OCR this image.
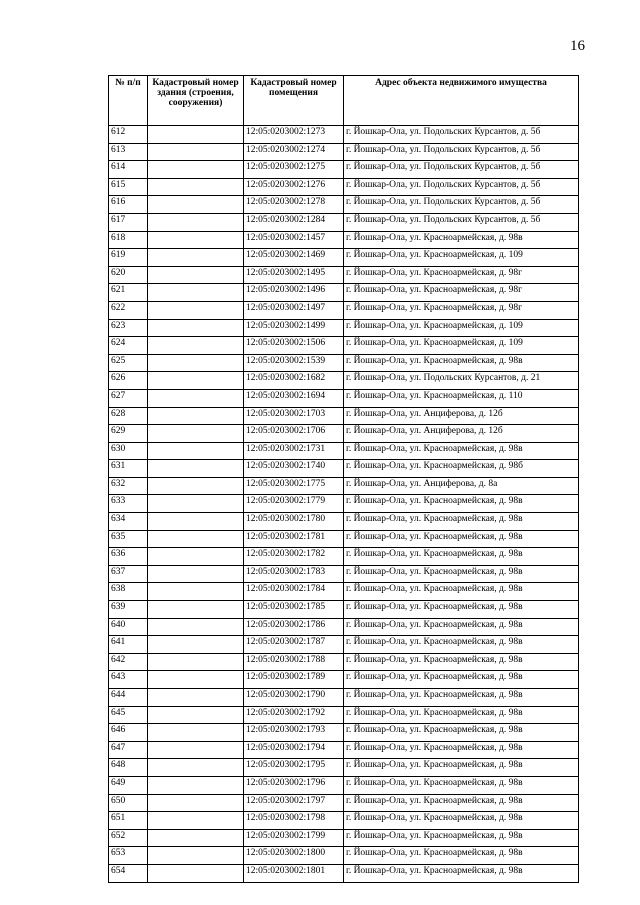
16
№ п/п	Кадастровый номер здания (строения, сооружения)	Кадастровый номер помещения	Адрес объекта недвижимого имущества
612		12:05:0203002:1273	г. Йошкар-Ола, ул. Подольских Курсантов, д. 5б
613		12:05:0203002:1274	г. Йошкар-Ола, ул. Подольских Курсантов, д. 5б
614		12:05:0203002:1275	г. Йошкар-Ола, ул. Подольских Курсантов, д. 5б
615		12:05:0203002:1276	г. Йошкар-Ола, ул. Подольских Курсантов, д. 5б
616		12:05:0203002:1278	г. Йошкар-Ола, ул. Подольских Курсантов, д. 5б
617		12:05:0203002:1284	г. Йошкар-Ола, ул. Подольских Курсантов, д. 5б
618		12:05:0203002:1457	г. Йошкар-Ола, ул. Красноармейская, д. 98в
619		12:05:0203002:1469	г. Йошкар-Ола, ул. Красноармейская, д. 109
620		12:05:0203002:1495	г. Йошкар-Ола, ул. Красноармейская, д. 98г
621		12:05:0203002:1496	г. Йошкар-Ола, ул. Красноармейская, д. 98г
622		12:05:0203002:1497	г. Йошкар-Ола, ул. Красноармейская, д. 98г
623		12:05:0203002:1499	г. Йошкар-Ола, ул. Красноармейская, д. 109
624		12:05:0203002:1506	г. Йошкар-Ола, ул. Красноармейская, д. 109
625		12:05:0203002:1539	г. Йошкар-Ола, ул. Красноармейская, д. 98в
626		12:05:0203002:1682	г. Йошкар-Ола, ул. Подольских Курсантов, д. 21
627		12:05:0203002:1694	г. Йошкар-Ола, ул. Красноармейская, д. 110
628		12:05:0203002:1703	г. Йошкар-Ола, ул. Анциферова, д. 12б
629		12:05:0203002:1706	г. Йошкар-Ола, ул. Анциферова, д. 12б
630		12:05:0203002:1731	г. Йошкар-Ола, ул. Красноармейская, д. 98в
631		12:05:0203002:1740	г. Йошкар-Ола, ул. Красноармейская, д. 98б
632		12:05:0203002:1775	г. Йошкар-Ола, ул. Анциферова, д. 8а
633		12:05:0203002:1779	г. Йошкар-Ола, ул. Красноармейская, д. 98в
634		12:05:0203002:1780	г. Йошкар-Ола, ул. Красноармейская, д. 98в
635		12:05:0203002:1781	г. Йошкар-Ола, ул. Красноармейская, д. 98в
636		12:05:0203002:1782	г. Йошкар-Ола, ул. Красноармейская, д. 98в
637		12:05:0203002:1783	г. Йошкар-Ола, ул. Красноармейская, д. 98в
638		12:05:0203002:1784	г. Йошкар-Ола, ул. Красноармейская, д. 98в
639		12:05:0203002:1785	г. Йошкар-Ола, ул. Красноармейская, д. 98в
640		12:05:0203002:1786	г. Йошкар-Ола, ул. Красноармейская, д. 98в
641		12:05:0203002:1787	г. Йошкар-Ола, ул. Красноармейская, д. 98в
642		12:05:0203002:1788	г. Йошкар-Ола, ул. Красноармейская, д. 98в
643		12:05:0203002:1789	г. Йошкар-Ола, ул. Красноармейская, д. 98в
644		12:05:0203002:1790	г. Йошкар-Ола, ул. Красноармейская, д. 98в
645		12:05:0203002:1792	г. Йошкар-Ола, ул. Красноармейская, д. 98в
646		12:05:0203002:1793	г. Йошкар-Ола, ул. Красноармейская, д. 98в
647		12:05:0203002:1794	г. Йошкар-Ола, ул. Красноармейская, д. 98в
648		12:05:0203002:1795	г. Йошкар-Ола, ул. Красноармейская, д. 98в
649		12:05:0203002:1796	г. Йошкар-Ола, ул. Красноармейская, д. 98в
650		12:05:0203002:1797	г. Йошкар-Ола, ул. Красноармейская, д. 98в
651		12:05:0203002:1798	г. Йошкар-Ола, ул. Красноармейская, д. 98в
652		12:05:0203002:1799	г. Йошкар-Ола, ул. Красноармейская, д. 98в
653		12:05:0203002:1800	г. Йошкар-Ола, ул. Красноармейская, д. 98в
654		12:05:0203002:1801	г. Йошкар-Ола, ул. Красноармейская, д. 98в
